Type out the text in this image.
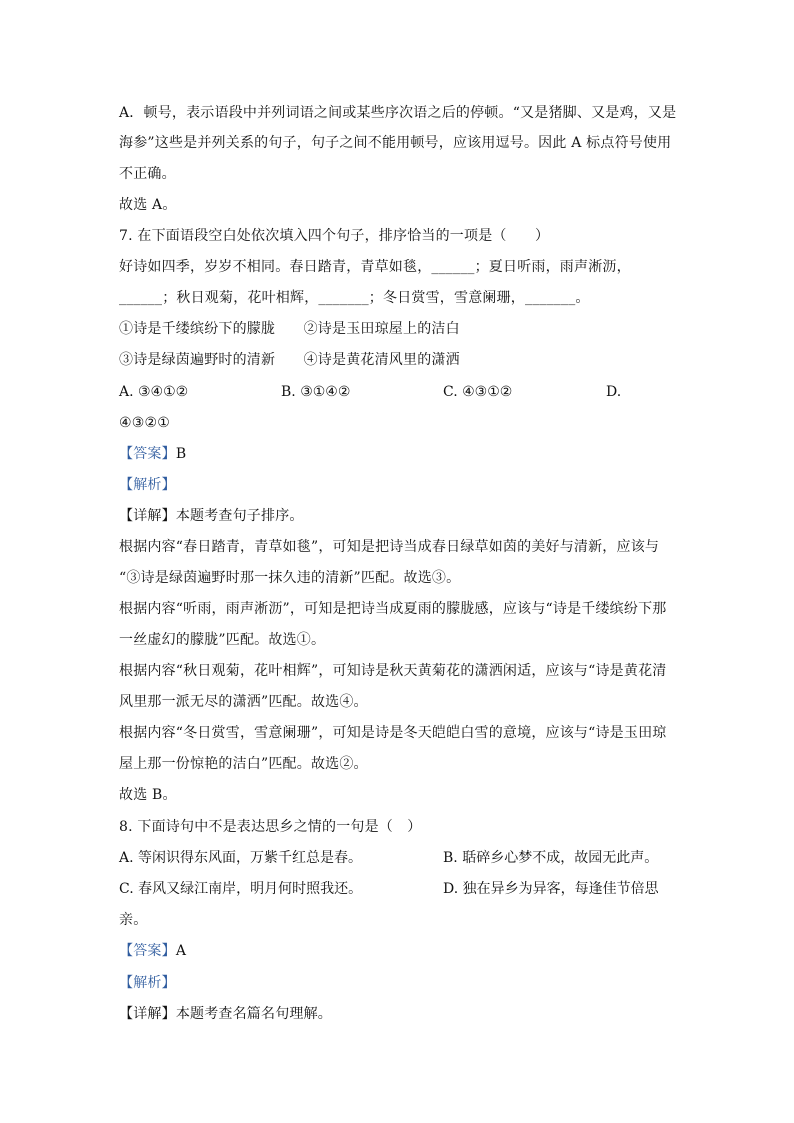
A．顿号，表示语段中并列词语之间或某些序次语之后的停顿。“又是猪脚、又是鸡，又是
海参”这些是并列关系的句子，句子之间不能用顿号，应该用逗号。因此 A 标点符号使用
不正确。
故选 A。
7. 在下面语段空白处依次填入四个句子，排序恰当的一项是（　　）
好诗如四季，岁岁不相同。春日踏青，青草如毯，______；夏日听雨，雨声淅沥，
______；秋日观菊，花叶相辉，_______；冬日赏雪，雪意阑珊，_______。
①诗是千缕缤纷下的朦胧　　②诗是玉田琼屋上的洁白
③诗是绿茵遍野时的清新　　④诗是黄花清风里的潇洒
A. ③④①②	B. ③①④②	C. ④③①②	D.
④③②①
【答案】B
【解析】
【详解】本题考查句子排序。
根据内容“春日踏青，青草如毯”，可知是把诗当成春日绿草如茵的美好与清新，应该与
“③诗是绿茵遍野时那一抹久违的清新”匹配。故选③。
根据内容“听雨，雨声淅沥”，可知是把诗当成夏雨的朦胧感，应该与“诗是千缕缤纷下那
一丝虚幻的朦胧”匹配。故选①。
根据内容“秋日观菊，花叶相辉”，可知诗是秋天黄菊花的潇洒闲适，应该与“诗是黄花清
风里那一派无尽的潇洒”匹配。故选④。
根据内容“冬日赏雪，雪意阑珊”，可知是诗是冬天皑皑白雪的意境，应该与“诗是玉田琼
屋上那一份惊艳的洁白”匹配。故选②。
故选 B。
8. 下面诗句中不是表达思乡之情的一句是（　）
A. 等闲识得东风面，万紫千红总是春。	B. 聒碎乡心梦不成，故园无此声。
C. 春风又绿江南岸，明月何时照我还。	D. 独在异乡为异客，每逢佳节倍思
亲。
【答案】A
【解析】
【详解】本题考查名篇名句理解。
